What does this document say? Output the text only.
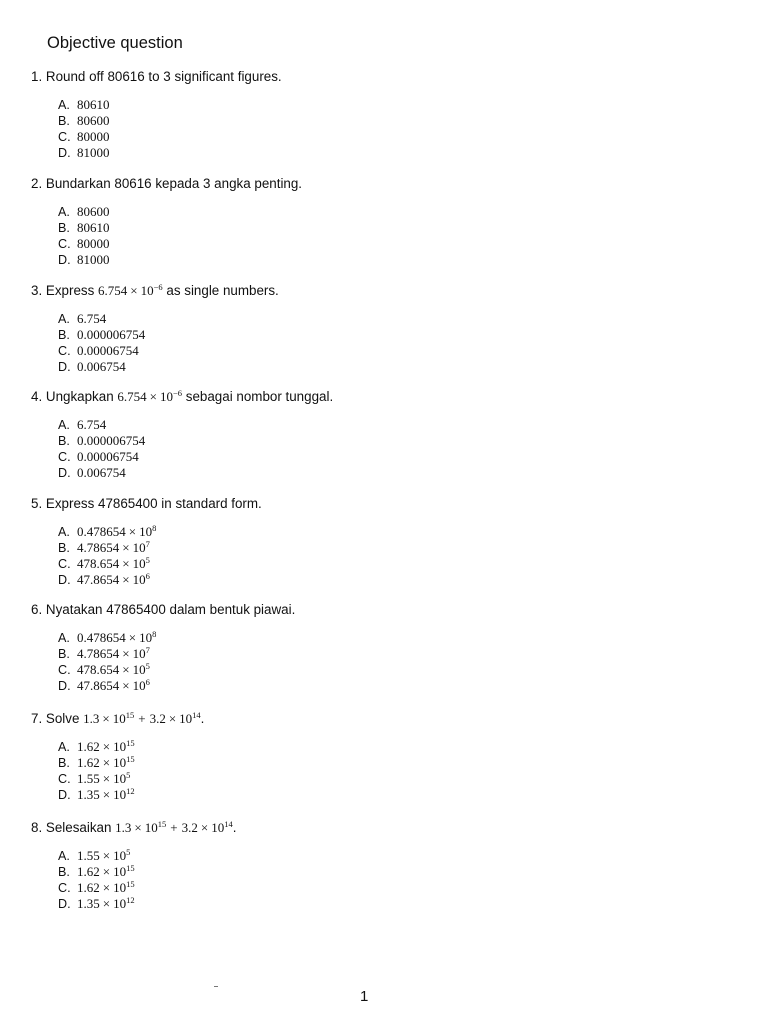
Objective question
1. Round off 80616 to 3 significant figures.
A. 80610
B. 80600
C. 80000
D. 81000
2. Bundarkan 80616 kepada 3 angka penting.
A. 80600
B. 80610
C. 80000
D. 81000
3. Express $6.754 \times 10^{-6}$ as single numbers.
A. 6.754
B. 0.000006754
C. 0.00006754
D. 0.006754
4. Ungkapkan $6.754 \times 10^{-6}$ sebagai nombor tunggal.
A. 6.754
B. 0.000006754
C. 0.00006754
D. 0.006754
5. Express 47865400 in standard form.
A. $0.478654 \times 10^8$
B. $4.78654 \times 10^7$
C. $478.654 \times 10^5$
D. $47.8654 \times 10^6$
6. Nyatakan 47865400 dalam bentuk piawai.
A. $0.478654 \times 10^8$
B. $4.78654 \times 10^7$
C. $478.654 \times 10^5$
D. $47.8654 \times 10^6$
7. Solve $1.3 \times 10^{15} + 3.2 \times 10^{14}$.
A. $1.62 \times 10^{15}$
B. $1.62 \times 10^{15}$
C. $1.55 \times 10^5$
D. $1.35 \times 10^{12}$
8. Selesaikan $1.3 \times 10^{15} + 3.2 \times 10^{14}$.
A. $1.55 \times 10^5$
B. $1.62 \times 10^{15}$
C. $1.62 \times 10^{15}$
D. $1.35 \times 10^{12}$
1
